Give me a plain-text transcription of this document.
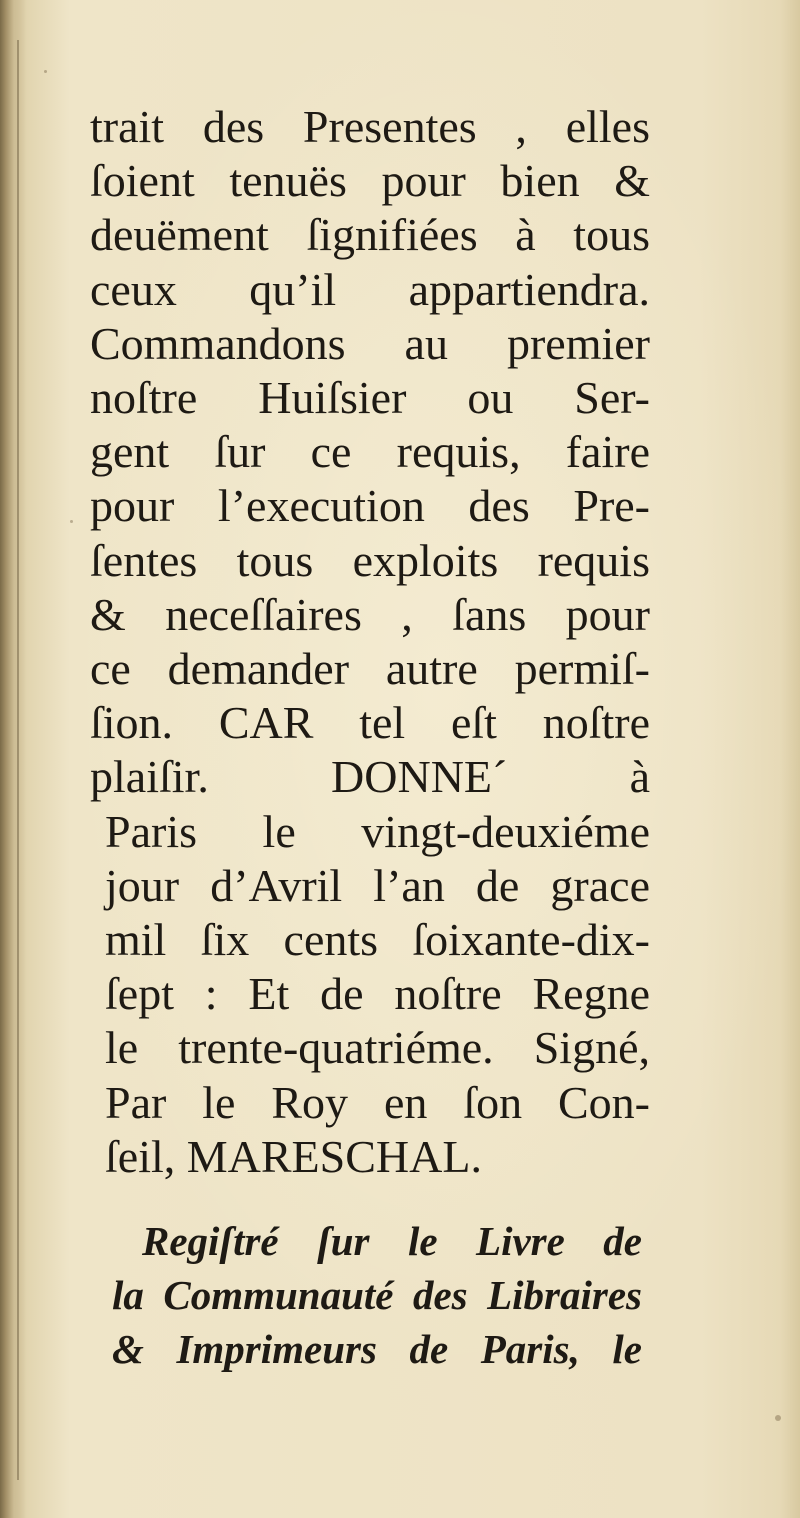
trait des Presentes , elles
ſoient tenuës pour bien &
deuëment ſignifiées à tous
ceux qu’il appartiendra.
Commandons au premier
noſtre Huiſsier ou Ser-
gent ſur ce requis, faire
pour l’execution des Pre-
ſentes tous exploits requis
& neceſſaires , ſans pour
ce demander autre permiſ-
ſion. CAR tel eſt noſtre
plaiſir. DONNE´ à
Paris le vingt-deuxiéme
jour d’Avril l’an de grace
mil ſix cents ſoixante-dix-
ſept : Et de noſtre Regne
le trente-quatriéme. Signé,
Par le Roy en ſon Con-
ſeil, MARESCHAL.
Regiſtré ſur le Livre de
la Communauté des Libraires
& Imprimeurs de Paris, le
